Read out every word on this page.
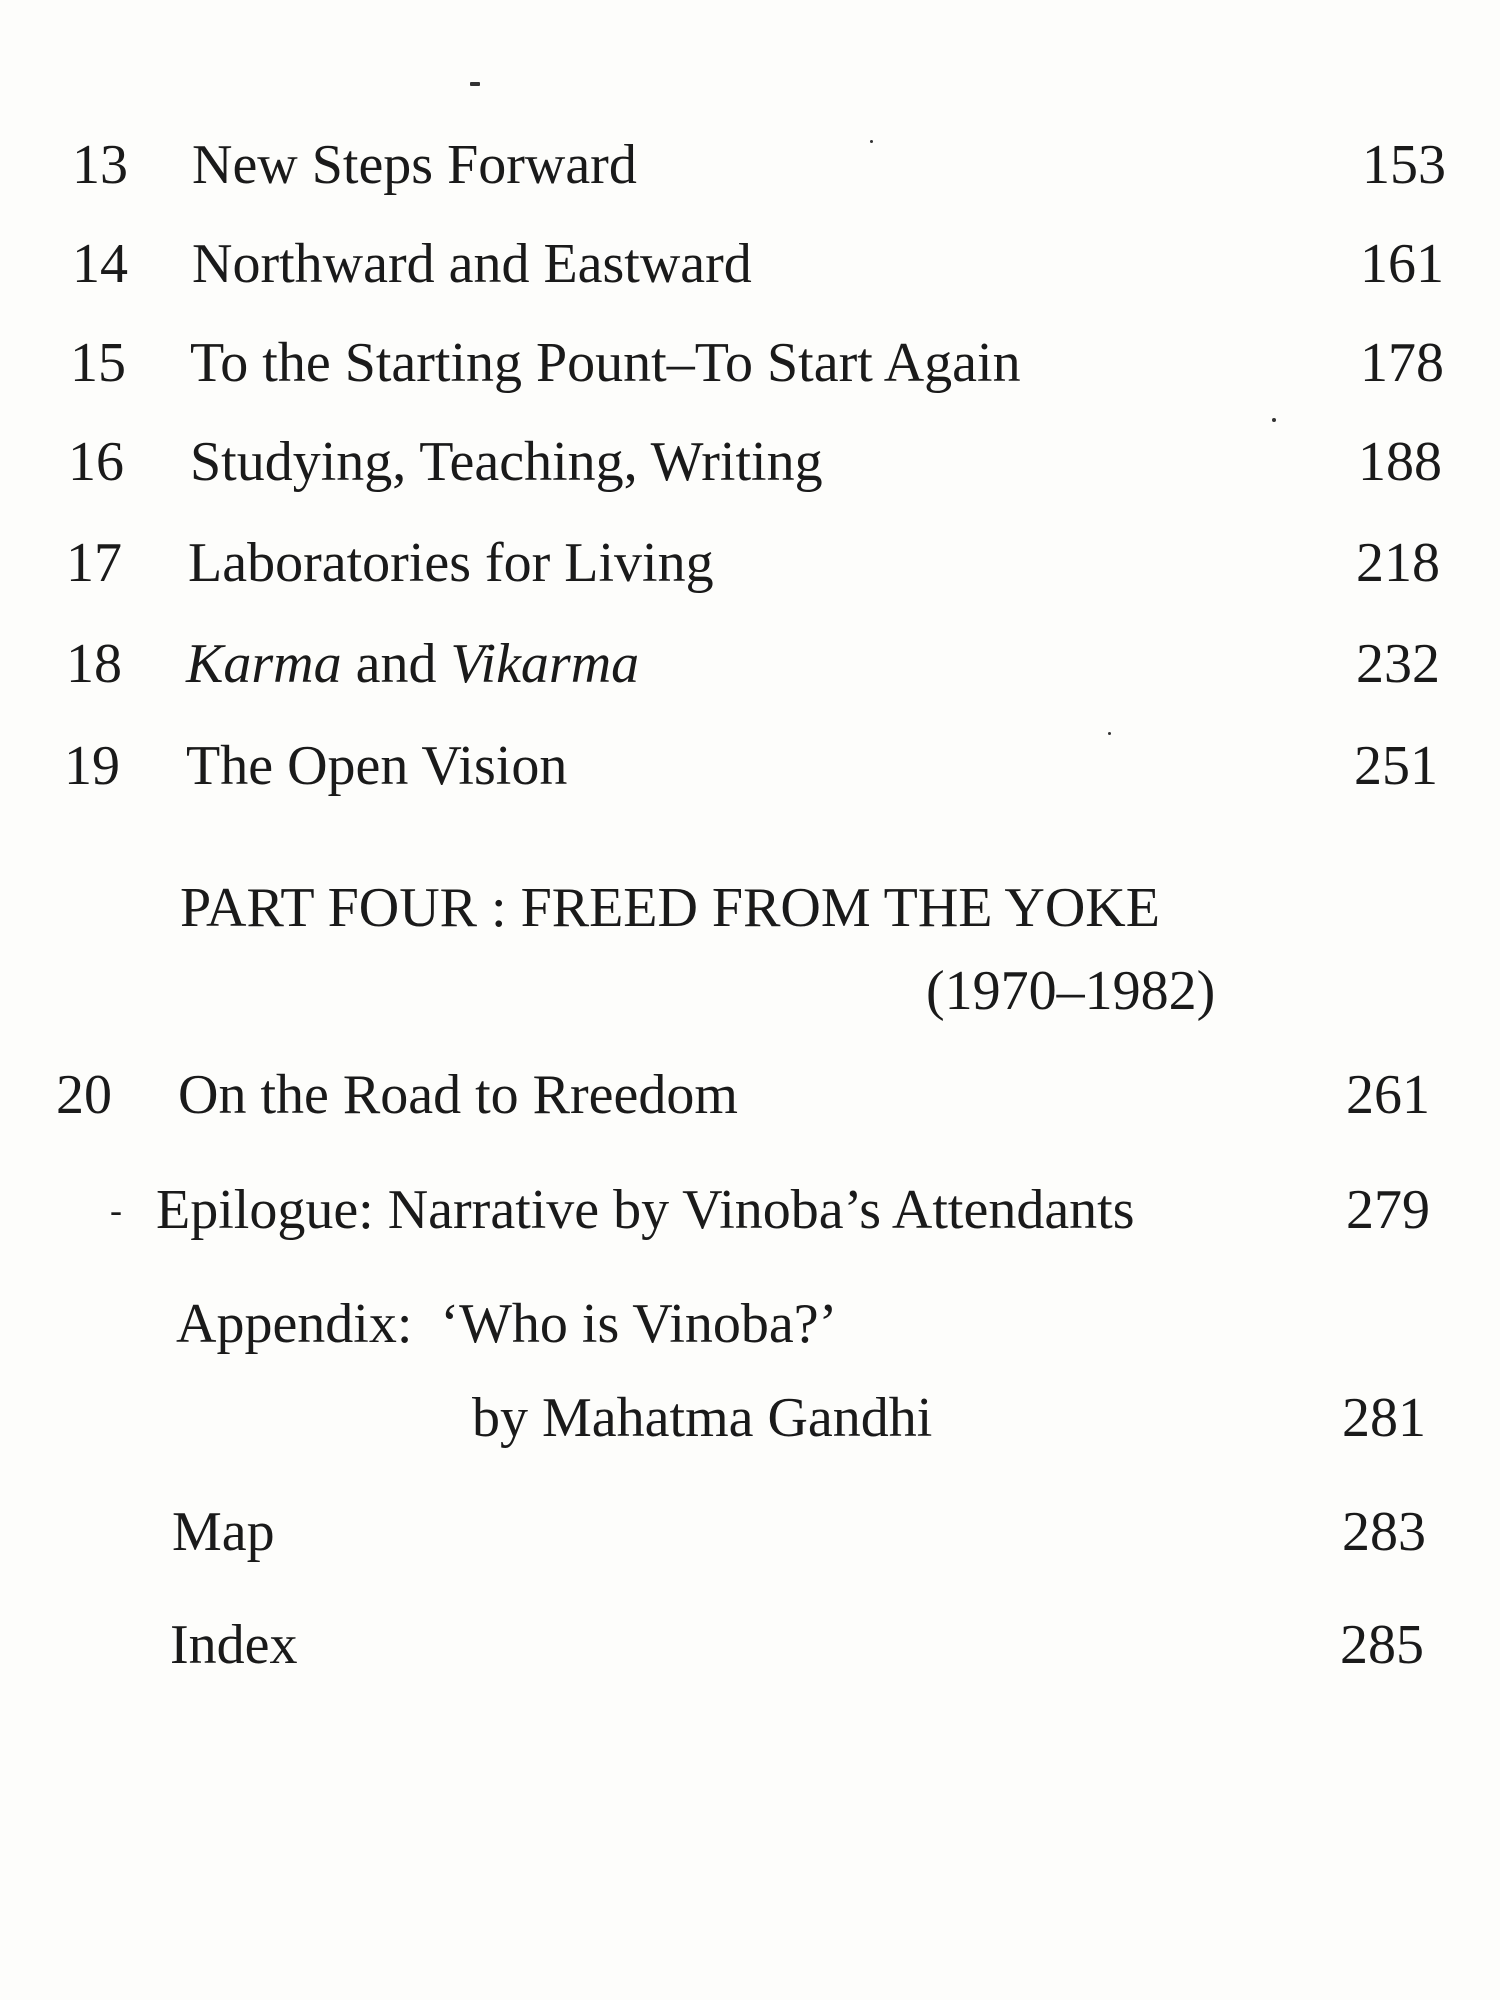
13 New Steps Forward	153
14 Northward and Eastward	161
15 To the Starting Pount–To Start Again	178
16 Studying, Teaching, Writing	188
17 Laboratories for Living	218
18 Karma and Vikarma	232
19 The Open Vision	251
PART FOUR : FREED FROM THE YOKE
(1970–1982)
20 On the Road to Rreedom	261
- Epilogue: Narrative by Vinoba’s Attendants	279
Appendix:  ‘Who is Vinoba?’
by Mahatma Gandhi	281
Map	283
Index	285
